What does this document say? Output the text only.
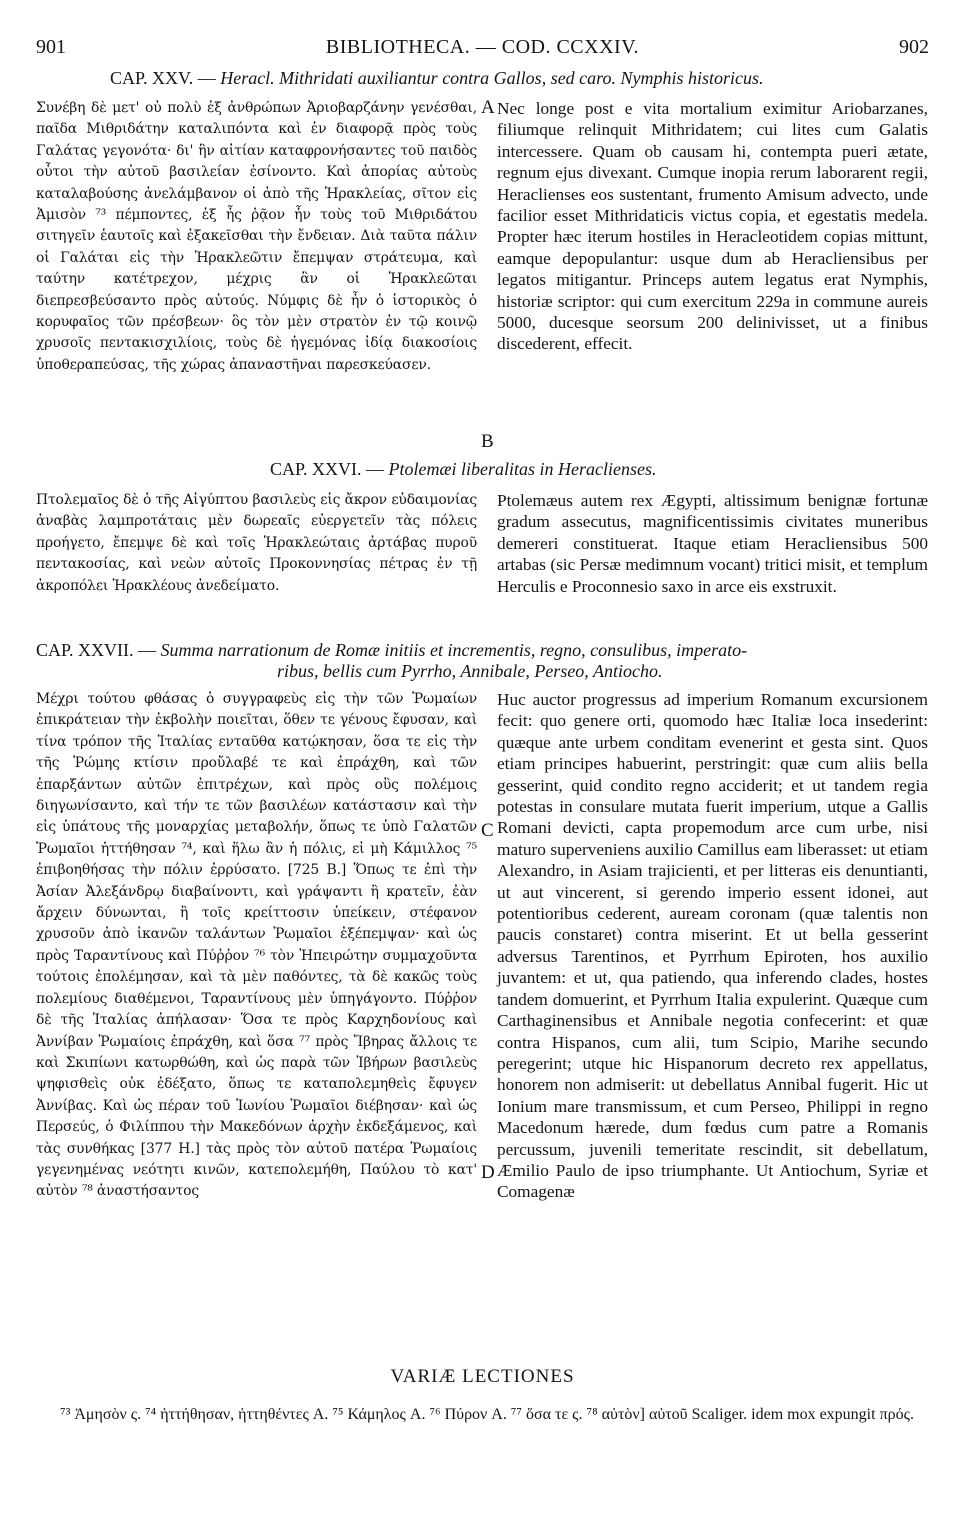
901	BIBLIOTHECA. — COD. CCXXIV.	902
CAP. XXV. — Heracl. Mithridati auxiliantur contra Gallos, sed caro. Nymphis historicus.

Συνέβη δὲ μετ' οὐ πολὺ ἐξ ἀνθρώπων Ἀριοβαρζάνην γενέσθαι, παῖδα Μιθριδάτην καταλιπόντα καὶ ἐν διαφορᾷ πρὸς τοὺς Γαλάτας γεγονότα· δι' ἣν αἰτίαν καταφρονήσαντες τοῦ παιδὸς οὗτοι τὴν αὐτοῦ βασιλείαν ἐσίνοντο. Καὶ ἀπορίας αὐτοὺς καταλαβούσης ἀνελάμβανον οἱ ἀπὸ τῆς Ἡρακλείας, σῖτον εἰς Ἀμισὸν ⁷³ πέμποντες, ἐξ ἧς ῥᾷον ἦν τοὺς τοῦ Μιθριδάτου σιτηγεῖν ἑαυτοῖς καὶ ἐξακεῖσθαι τὴν ἔνδειαν. Διὰ ταῦτα πάλιν οἱ Γαλάται εἰς τὴν Ἡρακλεῶτιν ἔπεμψαν στράτευμα, καὶ ταύτην κατέτρεχον, μέχρις ἂν οἱ Ἡρακλεῶται διεπρεσβεύσαντο πρὸς αὐτούς. Νύμφις δὲ ἦν ὁ ἱστορικὸς ὁ κορυφαῖος τῶν πρέσβεων· ὃς τὸν μὲν στρατὸν ἐν τῷ κοινῷ χρυσοῖς πεντακισχιλίοις, τοὺς δὲ ἡγεμόνας ἰδίᾳ διακοσίοις ὑποθεραπεύσας, τῆς χώρας ἀπαναστῆναι παρεσκεύασεν.

Nec longe post e vita mortalium eximitur Ariobarzanes, filiumque relinquit Mithridatem; cui lites cum Galatis intercessere. Quam ob causam hi, contempta pueri ætate, regnum ejus divexant. Cumque inopia rerum laborarent regii, Heraclienses eos sustentant, frumento Amisum advecto, unde facilior esset Mithridaticis victus copia, et egestatis medela. Propter hæc iterum hostiles in Heracleotidem copias mittunt, eamque depopulantur: usque dum ab Heracliensibus per legatos mitigantur. Princeps autem legatus erat Nymphis, historiæ scriptor: qui cum exercitum 229a in commune aureis 5000, ducesque seorsum 200 delinivisset, ut a finibus discederent, effecit.

A
B
CAP. XXVI. — Ptolemæi liberalitas in Heraclienses.

Πτολεμαῖος δὲ ὁ τῆς Αἰγύπτου βασιλεὺς εἰς ἄκρον εὐδαιμονίας ἀναβὰς λαμπροτάταις μὲν δωρεαῖς εὐεργετεῖν τὰς πόλεις προήγετο, ἔπεμψε δὲ καὶ τοῖς Ἡρακλεώταις ἀρτάβας πυροῦ πεντακοσίας, καὶ νεὼν αὐτοῖς Προκοννησίας πέτρας ἐν τῇ ἀκροπόλει Ἡρακλέους ἀνεδείματο.

Ptolemæus autem rex Ægypti, altissimum benignæ fortunæ gradum assecutus, magnificentissimis civitates muneribus demereri constituerat. Itaque etiam Heracliensibus 500 artabas (sic Persæ medimnum vocant) tritici misit, et templum Herculis e Proconnesio saxo in arce eis exstruxit.

CAP. XXVII. — Summa narrationum de Romæ initiis et incrementis, regno, consulibus, imperato-
ribus, bellis cum Pyrrho, Annibale, Perseo, Antiocho.

Μέχρι τούτου φθάσας ὁ συγγραφεὺς εἰς τὴν τῶν Ῥωμαίων ἐπικράτειαν τὴν ἐκβολὴν ποιεῖται, ὅθεν τε γένους ἔφυσαν, καὶ τίνα τρόπον τῆς Ἰταλίας ενταῦθα κατῴκησαν, ὅσα τε εἰς τὴν τῆς Ῥώμης κτίσιν προὔλαβέ τε καὶ ἐπράχθη, καὶ τῶν ἐπαρξάντων αὐτῶν ἐπιτρέχων, καὶ πρὸς οὓς πολέμοις διηγωνίσαντο, καὶ τήν τε τῶν βασιλέων κατάστασιν καὶ τὴν εἰς ὑπάτους τῆς μοναρχίας μεταβολήν, ὅπως τε ὑπὸ Γαλατῶν Ῥωμαῖοι ἡττήθησαν ⁷⁴, καὶ ἥλω ἂν ἡ πόλις, εἰ μὴ Κάμιλλος ⁷⁵ ἐπιβοηθήσας τὴν πόλιν ἐρρύσατο. [725 B.] Ὅπως τε ἐπὶ τὴν Ἀσίαν Ἀλεξάνδρῳ διαβαίνοντι, καὶ γράψαντι ἢ κρατεῖν, ἐὰν ἄρχειν δύνωνται, ἢ τοῖς κρείττοσιν ὑπείκειν, στέφανον χρυσοῦν ἀπὸ ἱκανῶν ταλάντων Ῥωμαῖοι ἐξέπεμψαν· καὶ ὡς πρὸς Ταραντίνους καὶ Πύῤῥον ⁷⁶ τὸν Ἠπειρώτην συμμαχοῦντα τούτοις ἐπολέμησαν, καὶ τὰ μὲν παθόντες, τὰ δὲ κακῶς τοὺς πολεμίους διαθέμενοι, Ταραντίνους μὲν ὑπηγάγοντο. Πύῤῥον δὲ τῆς Ἰταλίας ἀπήλασαν· Ὅσα τε πρὸς Καρχηδονίους καὶ Ἀννίβαν Ῥωμαίοις ἐπράχθη, καὶ ὅσα ⁷⁷ πρὸς Ἴβηρας ἄλλοις τε καὶ Σκιπίωνι κατωρθώθη, καὶ ὡς παρὰ τῶν Ἰβήρων βασιλεὺς ψηφισθεὶς οὐκ ἐδέξατο, ὅπως τε καταπολεμηθεὶς ἔφυγεν Ἀννίβας. Καὶ ὡς πέραν τοῦ Ἰωνίου Ῥωμαῖοι διέβησαν· καὶ ὡς Περσεύς, ὁ Φιλίππου τὴν Μακεδόνων ἀρχὴν ἐκδεξάμενος, καὶ τὰς συνθήκας [377 H.] τὰς πρὸς τὸν αὐτοῦ πατέρα Ῥωμαίοις γεγενημένας νεότητι κινῶν, κατεπολεμήθη, Παύλου τὸ κατ' αὐτὸν ⁷⁸ ἀναστήσαντος

Huc auctor progressus ad imperium Romanum excursionem fecit: quo genere orti, quomodo hæc Italiæ loca insederint: quæque ante urbem conditam evenerint et gesta sint. Quos etiam principes habuerint, perstringit: quæ cum aliis bella gesserint, quid condito regno acciderit; et ut tandem regia potestas in consulare mutata fuerit imperium, utque a Gallis Romani devicti, capta propemodum arce cum urbe, nisi maturo superveniens auxilio Camillus eam liberasset: ut etiam Alexandro, in Asiam trajicienti, et per litteras eis denuntianti, ut aut vincerent, si gerendo imperio essent idonei, aut potentioribus cederent, auream coronam (quæ talentis non paucis constaret) contra miserint. Et ut bella gesserint adversus Tarentinos, et Pyrrhum Epiroten, hos auxilio juvantem: et ut, qua patiendo, qua inferendo clades, hostes tandem domuerint, et Pyrrhum Italia expulerint. Quæque cum Carthaginensibus et Annibale negotia confecerint: et quæ contra Hispanos, cum alii, tum Scipio, Marihe secundo peregerint; utque hic Hispanorum decreto rex appellatus, honorem non admiserit: ut debellatus Annibal fugerit. Hic ut Ionium mare transmissum, et cum Perseo, Philippi in regno Macedonum hærede, dum fœdus cum patre a Romanis percussum, juvenili temeritate rescindit, sit debellatum, Æmilio Paulo de ipso triumphante. Ut Antiochum, Syriæ et Comagenæ

C
D
VARIÆ LECTIONES

⁷³ Ἀμησὸν ς. ⁷⁴ ἡττήθησαν, ἡττηθέντες A. ⁷⁵ Κάμηλος A. ⁷⁶ Πύρον A. ⁷⁷ ὅσα τε ς. ⁷⁸ αὐτὸν] αὐτοῦ Scaliger. idem mox expungit πρός.
